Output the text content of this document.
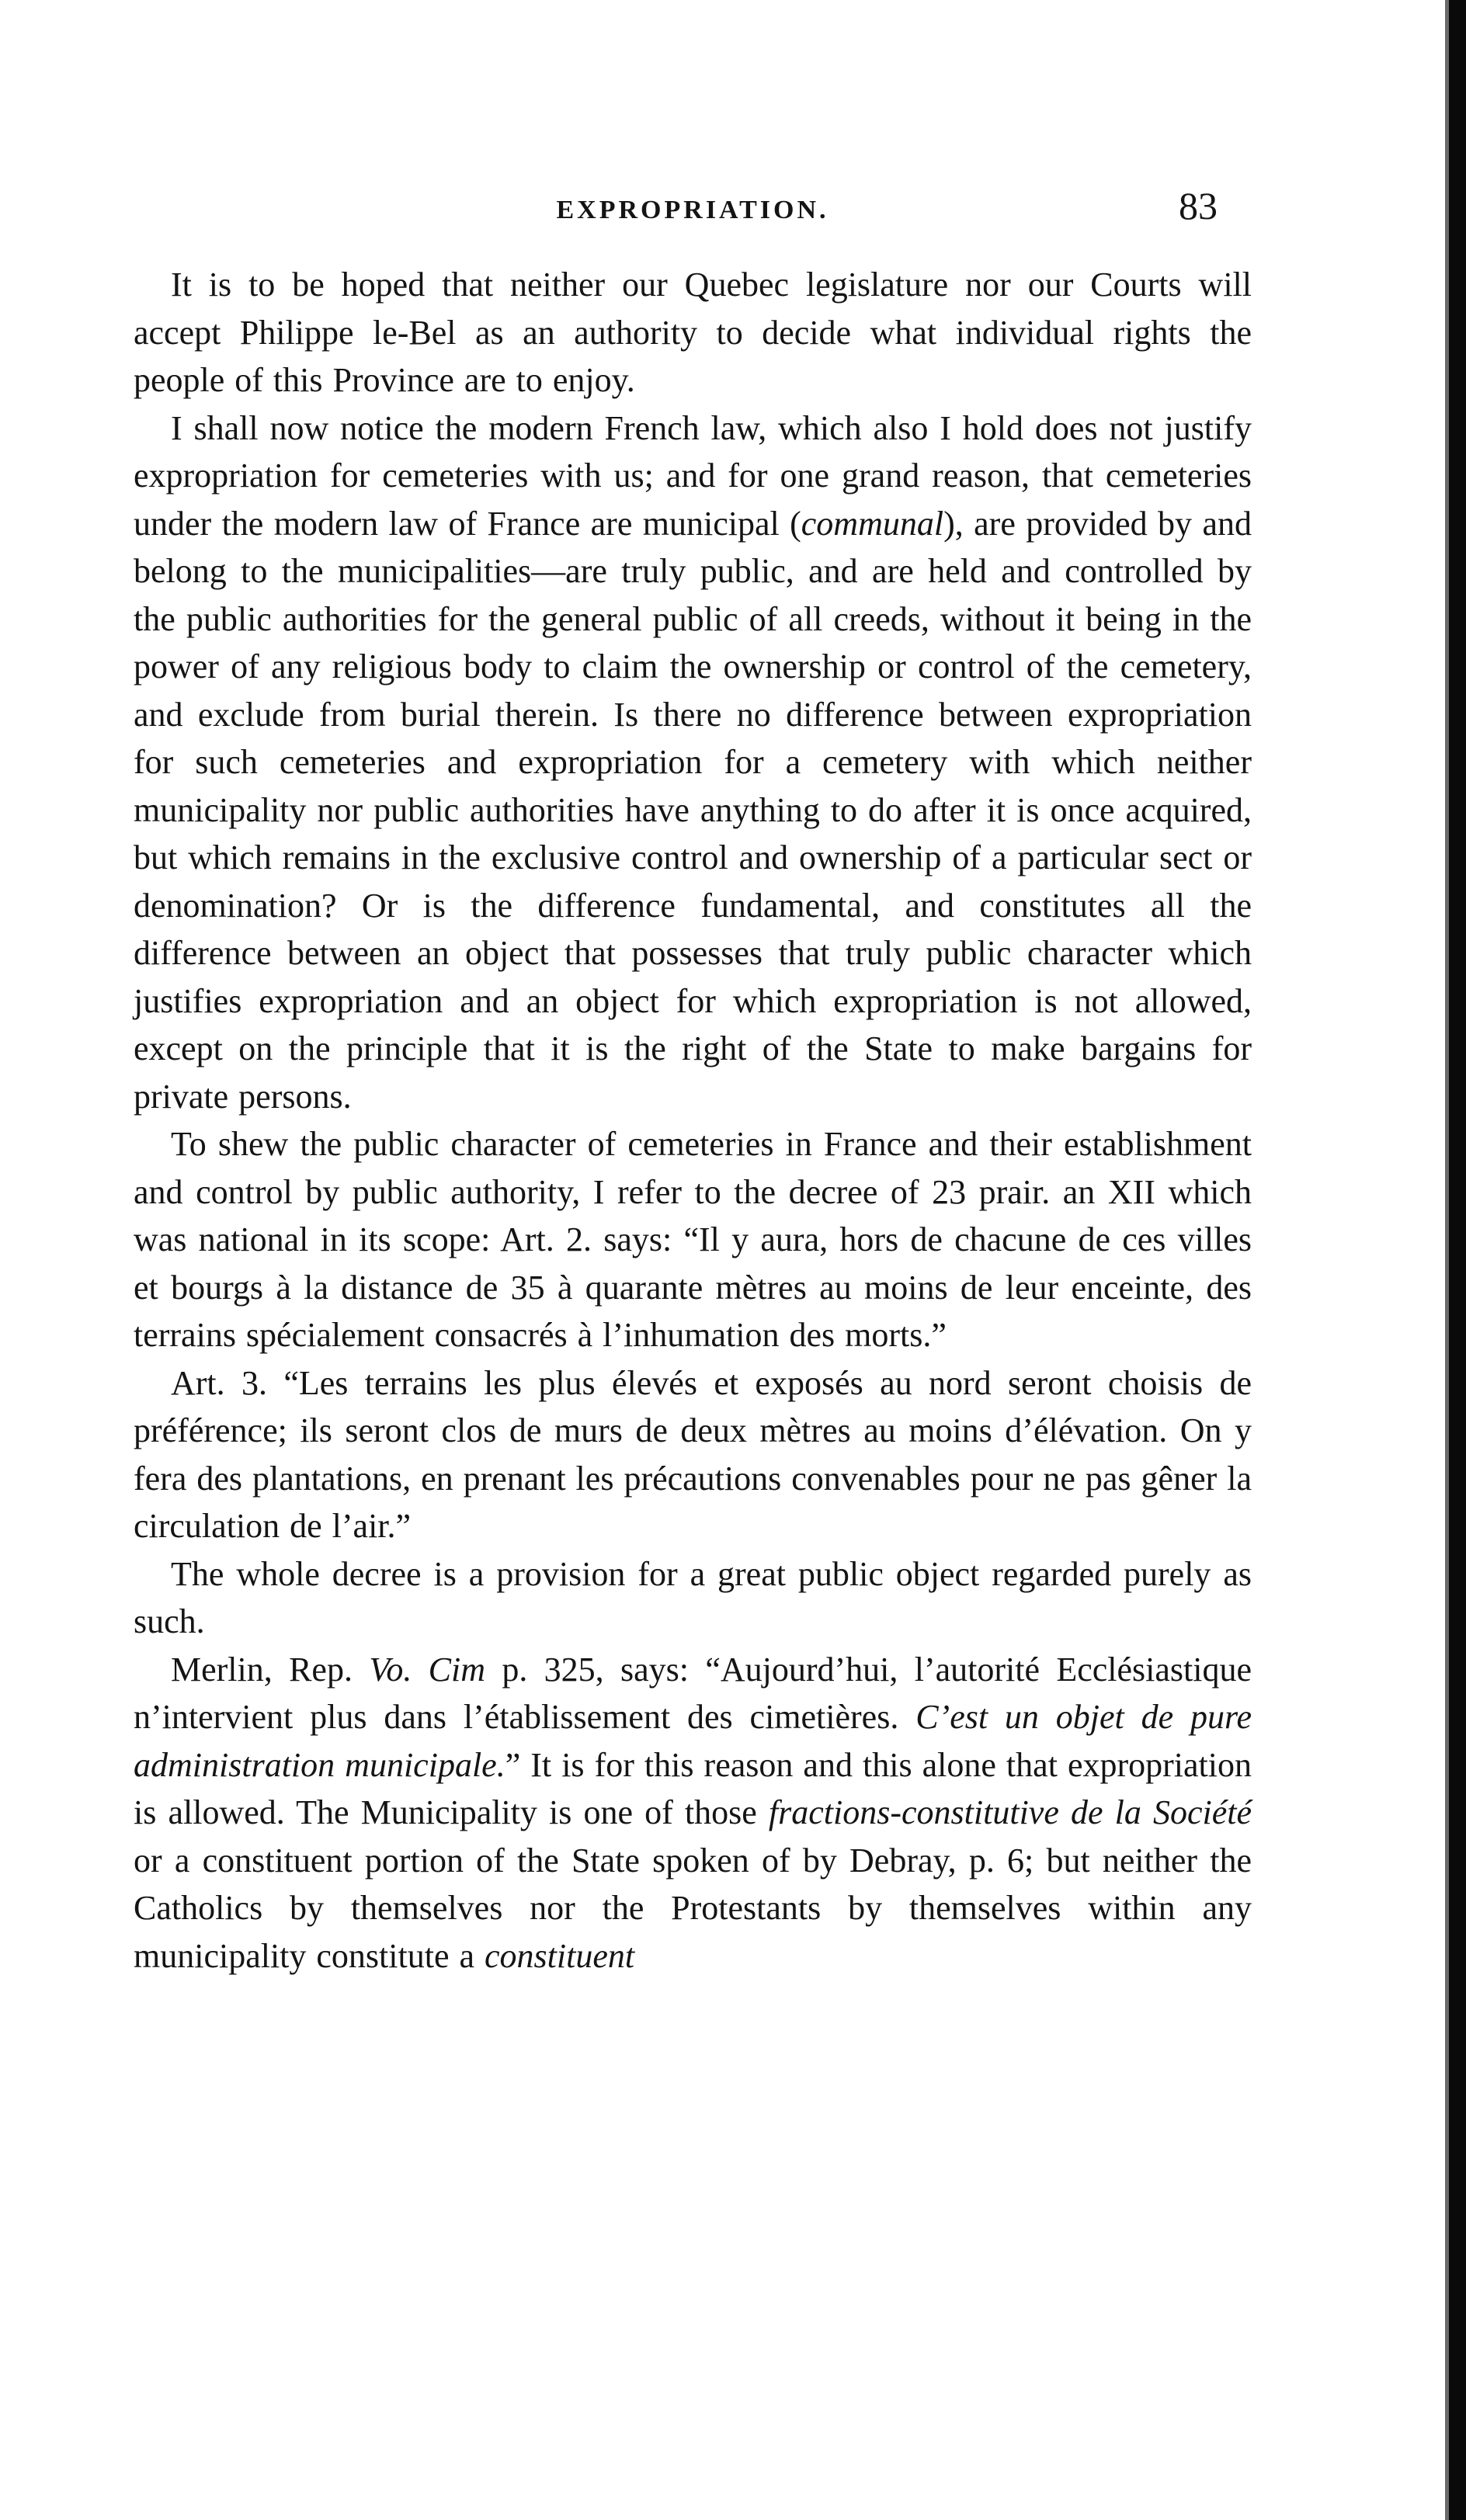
EXPROPRIATION.	83

It is to be hoped that neither our Quebec legislature nor our Courts will accept Philippe le-Bel as an authority to decide what individual rights the people of this Province are to enjoy.

I shall now notice the modern French law, which also I hold does not justify expropriation for cemeteries with us; and for one grand reason, that cemeteries under the modern law of France are municipal (communal), are provided by and belong to the municipalities—are truly public, and are held and controlled by the public authorities for the general public of all creeds, without it being in the power of any religious body to claim the ownership or control of the cemetery, and exclude from burial therein. Is there no difference between expropriation for such cemeteries and expropriation for a cemetery with which neither municipality nor public authorities have anything to do after it is once acquired, but which remains in the exclusive control and ownership of a particular sect or denomination? Or is the difference fundamental, and constitutes all the difference between an object that possesses that truly public character which justifies expropriation and an object for which expropriation is not allowed, except on the principle that it is the right of the State to make bargains for private persons.

To shew the public character of cemeteries in France and their establishment and control by public authority, I refer to the decree of 23 prair. an XII which was national in its scope: Art. 2. says: “Il y aura, hors de chacune de ces villes et bourgs à la distance de 35 à quarante mètres au moins de leur enceinte, des terrains spécialement consacrés à l’inhumation des morts.”

Art. 3. “Les terrains les plus élevés et exposés au nord seront choisis de préférence; ils seront clos de murs de deux mètres au moins d’élévation. On y fera des plantations, en prenant les précautions convenables pour ne pas gêner la circulation de l’air.”

The whole decree is a provision for a great public object regarded purely as such.

Merlin, Rep. Vo. Cim p. 325, says: “Aujourd’hui, l’autorité Ecclésiastique n’intervient plus dans l’établissement des cimetières. C’est un objet de pure administration municipale.” It is for this reason and this alone that expropriation is allowed. The Municipality is one of those fractions-constitutive de la Société or a constituent portion of the State spoken of by Debray, p. 6; but neither the Catholics by themselves nor the Protestants by themselves within any municipality constitute a constituent
